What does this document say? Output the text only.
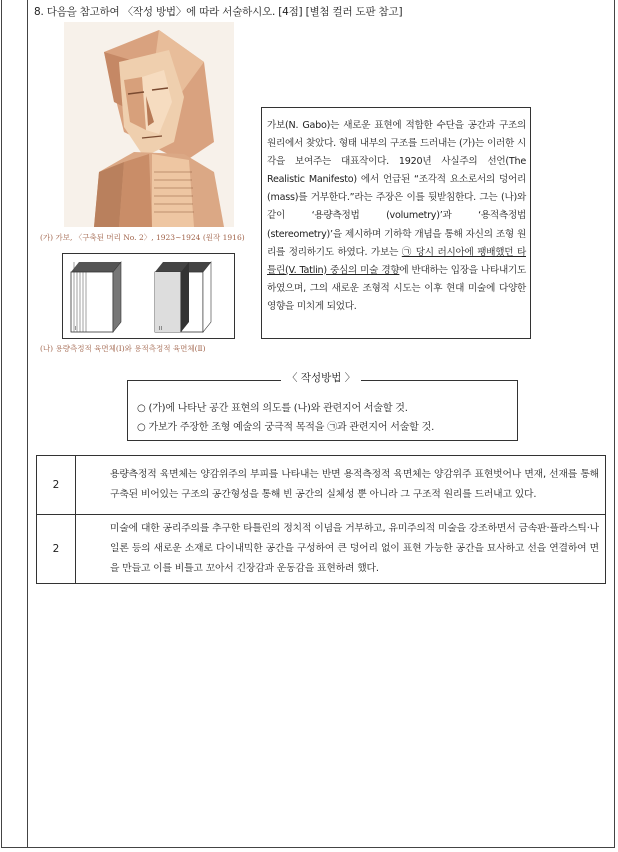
8. 다음을 참고하여 〈작성 방법〉에 따라 서술하시오. [4점] [별첨 컬러 도판 참고]
(가) 가보, 〈구축된 머리 No. 2〉, 1923~1924 (원작 1916)
I	II
(나) 용량측정적 육면체(Ⅰ)와 용적측정적 육면체(Ⅱ)

가보(N. Gabo)는 새로운 표현에 적합한 수단을 공간과 구조의 원리에서 찾았다. 형태 내부의 구조를 드러내는 (가)는 이러한 시각을 보여주는 대표작이다. 1920년 사실주의 선언(The Realistic Manifesto) 에서 언급된 “조각적 요소로서의 덩어리(mass)를 거부한다.”라는 주장은 이를 뒷받침한다. 그는 (나)와 같이 ‘용량측정법 (volumetry)’과 ‘용적측정법(stereometry)’을 제시하며 기하학 개념을 통해 자신의 조형 원리를 정리하기도 하였다. 가보는 ㉠ 당시 러시아에 팽배했던 타틀린(V. Tatlin) 중심의 미술 경향에 반대하는 입장을 나타내기도 하였으며, 그의 새로운 조형적 시도는 이후 현대 미술에 다양한 영향을 미치게 되었다.

〈 작성방법 〉
○ (가)에 나타난 공간 표현의 의도를 (나)와 관련지어 서술할 것.
○ 가보가 주장한 조형 예술의 궁극적 목적을 ㉠과 관련지어 서술할 것.
2	용량측정적 육면체는 양감위주의 부피를 나타내는 반면 용적측정적 육면체는 양감위주 표현벗어나 면재, 선재를 통해 구축된 비어있는 구조의 공간형성을 통해 빈 공간의 실체성 뿐 아니라 그 구조적 원리를 드러내고 있다.
2	미술에 대한 공리주의를 추구한 타틀린의 정치적 이념을 거부하고, 유미주의적 미술을 강조하면서 금속판·플라스틱·나일론 등의 새로운 소재로 다이내믹한 공간을 구성하여 큰 덩어리 없이 표현 가능한 공간을 묘사하고 선을 연결하여 면을 만들고 이를 비틀고 꼬아서 긴장감과 운동감을 표현하려 했다.
